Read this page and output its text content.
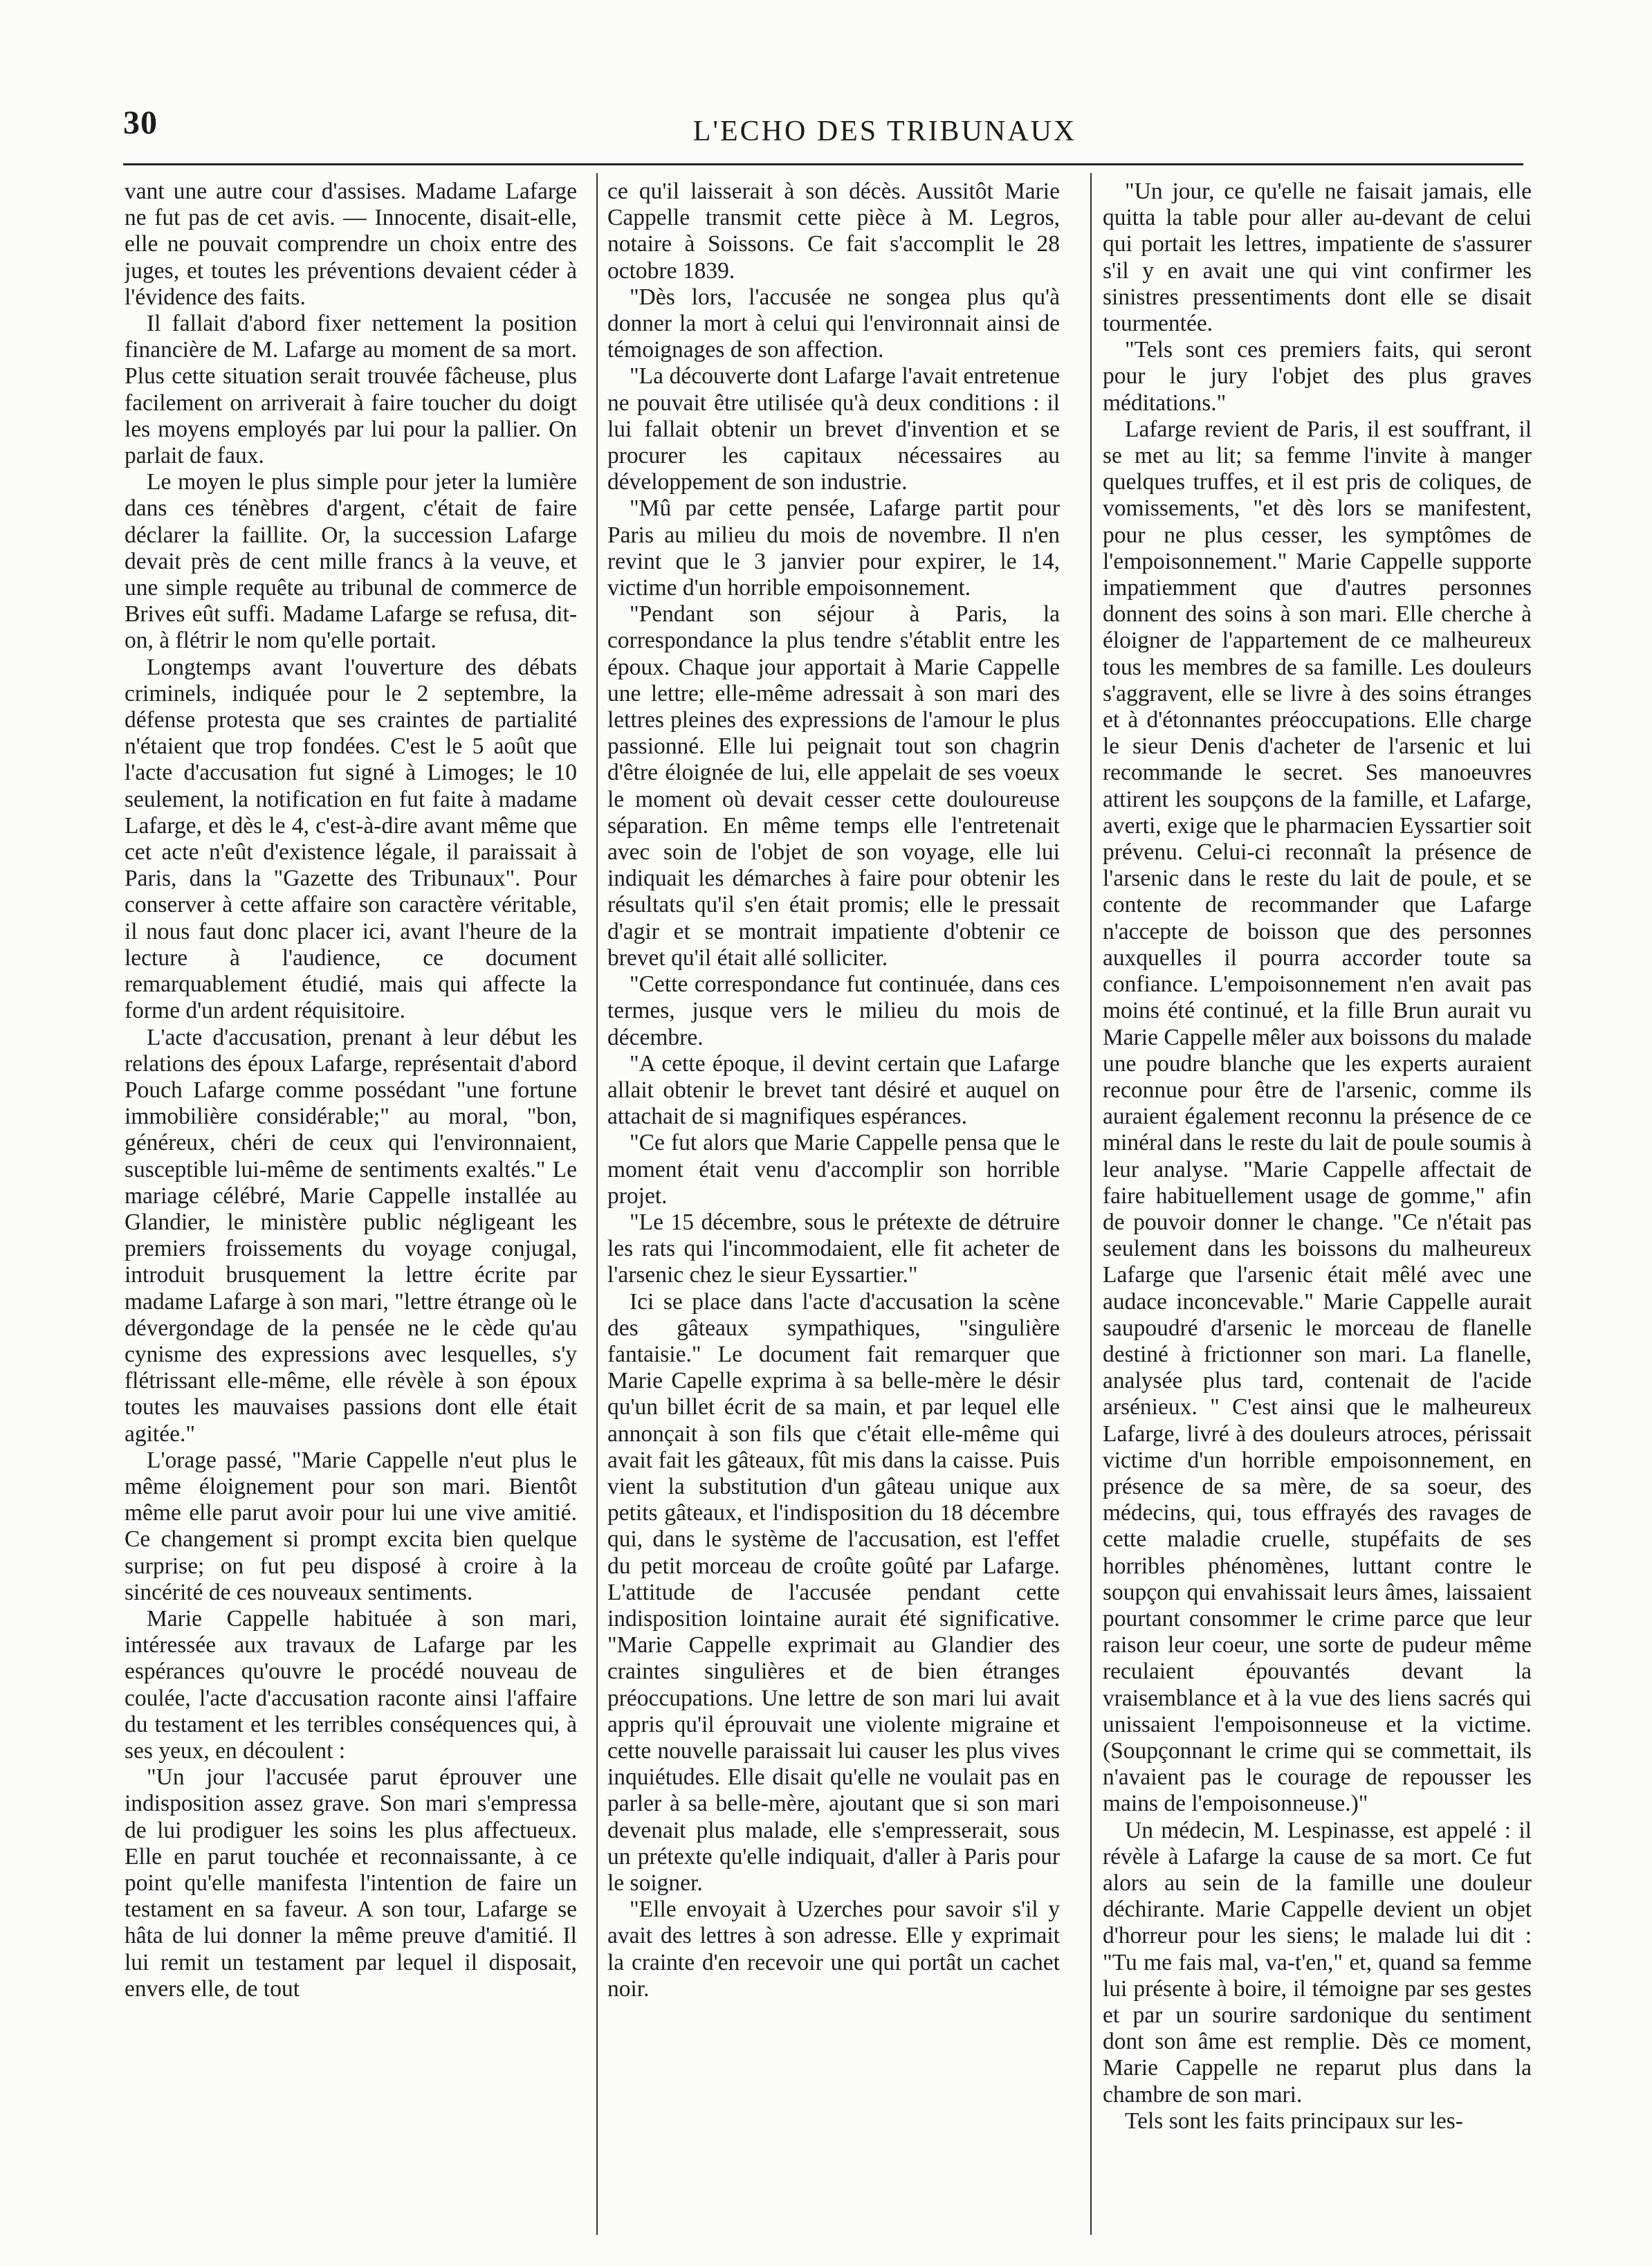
30	L'ECHO DES TRIBUNAUX

vant une autre cour d'assises. Madame Lafarge ne fut pas de cet avis. — Innocente, disait-elle, elle ne pouvait comprendre un choix entre des juges, et toutes les préventions devaient céder à l'évidence des faits.

Il fallait d'abord fixer nettement la position financière de M. Lafarge au moment de sa mort. Plus cette situation serait trouvée fâcheuse, plus facilement on arriverait à faire toucher du doigt les moyens employés par lui pour la pallier. On parlait de faux.

Le moyen le plus simple pour jeter la lumière dans ces ténèbres d'argent, c'était de faire déclarer la faillite. Or, la succession Lafarge devait près de cent mille francs à la veuve, et une simple requête au tribunal de commerce de Brives eût suffi. Madame Lafarge se refusa, dit-on, à flétrir le nom qu'elle portait.

Longtemps avant l'ouverture des débats criminels, indiquée pour le 2 septembre, la défense protesta que ses craintes de partialité n'étaient que trop fondées. C'est le 5 août que l'acte d'accusation fut signé à Limoges; le 10 seulement, la notification en fut faite à madame Lafarge, et dès le 4, c'est-à-dire avant même que cet acte n'eût d'existence légale, il paraissait à Paris, dans la "Gazette des Tribunaux". Pour conserver à cette affaire son caractère véritable, il nous faut donc placer ici, avant l'heure de la lecture à l'audience, ce document remarquablement étudié, mais qui affecte la forme d'un ardent réquisitoire.

L'acte d'accusation, prenant à leur début les relations des époux Lafarge, représentait d'abord Pouch Lafarge comme possédant "une fortune immobilière considérable;" au moral, "bon, généreux, chéri de ceux qui l'environnaient, susceptible lui-même de sentiments exaltés." Le mariage célébré, Marie Cappelle installée au Glandier, le ministère public négligeant les premiers froissements du voyage conjugal, introduit brusquement la lettre écrite par madame Lafarge à son mari, "lettre étrange où le dévergondage de la pensée ne le cède qu'au cynisme des expressions avec lesquelles, s'y flétrissant elle-même, elle révèle à son époux toutes les mauvaises passions dont elle était agitée."

L'orage passé, "Marie Cappelle n'eut plus le même éloignement pour son mari. Bientôt même elle parut avoir pour lui une vive amitié. Ce changement si prompt excita bien quelque surprise; on fut peu disposé à croire à la sincérité de ces nouveaux sentiments.

Marie Cappelle habituée à son mari, intéressée aux travaux de Lafarge par les espérances qu'ouvre le procédé nouveau de coulée, l'acte d'accusation raconte ainsi l'affaire du testament et les terribles conséquences qui, à ses yeux, en découlent :

"Un jour l'accusée parut éprouver une indisposition assez grave. Son mari s'empressa de lui prodiguer les soins les plus affectueux. Elle en parut touchée et reconnaissante, à ce point qu'elle manifesta l'intention de faire un testament en sa faveur. A son tour, Lafarge se hâta de lui donner la même preuve d'amitié. Il lui remit un testament par lequel il disposait, envers elle, de tout

ce qu'il laisserait à son décès. Aussitôt Marie Cappelle transmit cette pièce à M. Legros, notaire à Soissons. Ce fait s'accomplit le 28 octobre 1839.

"Dès lors, l'accusée ne songea plus qu'à donner la mort à celui qui l'environnait ainsi de témoignages de son affection.

"La découverte dont Lafarge l'avait entretenue ne pouvait être utilisée qu'à deux conditions : il lui fallait obtenir un brevet d'invention et se procurer les capitaux nécessaires au développement de son industrie.

"Mû par cette pensée, Lafarge partit pour Paris au milieu du mois de novembre. Il n'en revint que le 3 janvier pour expirer, le 14, victime d'un horrible empoisonnement.

"Pendant son séjour à Paris, la correspondance la plus tendre s'établit entre les époux. Chaque jour apportait à Marie Cappelle une lettre; elle-même adressait à son mari des lettres pleines des expressions de l'amour le plus passionné. Elle lui peignait tout son chagrin d'être éloignée de lui, elle appelait de ses voeux le moment où devait cesser cette douloureuse séparation. En même temps elle l'entretenait avec soin de l'objet de son voyage, elle lui indiquait les démarches à faire pour obtenir les résultats qu'il s'en était promis; elle le pressait d'agir et se montrait impatiente d'obtenir ce brevet qu'il était allé solliciter.

"Cette correspondance fut continuée, dans ces termes, jusque vers le milieu du mois de décembre.

"A cette époque, il devint certain que Lafarge allait obtenir le brevet tant désiré et auquel on attachait de si magnifiques espérances.

"Ce fut alors que Marie Cappelle pensa que le moment était venu d'accomplir son horrible projet.

"Le 15 décembre, sous le prétexte de détruire les rats qui l'incommodaient, elle fit acheter de l'arsenic chez le sieur Eyssartier."

Ici se place dans l'acte d'accusation la scène des gâteaux sympathiques, "singulière fantaisie." Le document fait remarquer que Marie Capelle exprima à sa belle-mère le désir qu'un billet écrit de sa main, et par lequel elle annonçait à son fils que c'était elle-même qui avait fait les gâteaux, fût mis dans la caisse. Puis vient la substitution d'un gâteau unique aux petits gâteaux, et l'indisposition du 18 décembre qui, dans le système de l'accusation, est l'effet du petit morceau de croûte goûté par Lafarge. L'attitude de l'accusée pendant cette indisposition lointaine aurait été significative. "Marie Cappelle exprimait au Glandier des craintes singulières et de bien étranges préoccupations. Une lettre de son mari lui avait appris qu'il éprouvait une violente migraine et cette nouvelle paraissait lui causer les plus vives inquiétudes. Elle disait qu'elle ne voulait pas en parler à sa belle-mère, ajoutant que si son mari devenait plus malade, elle s'empresserait, sous un prétexte qu'elle indiquait, d'aller à Paris pour le soigner.

"Elle envoyait à Uzerches pour savoir s'il y avait des lettres à son adresse. Elle y exprimait la crainte d'en recevoir une qui portât un cachet noir.

"Un jour, ce qu'elle ne faisait jamais, elle quitta la table pour aller au-devant de celui qui portait les lettres, impatiente de s'assurer s'il y en avait une qui vint confirmer les sinistres pressentiments dont elle se disait tourmentée.

"Tels sont ces premiers faits, qui seront pour le jury l'objet des plus graves méditations."

Lafarge revient de Paris, il est souffrant, il se met au lit; sa femme l'invite à manger quelques truffes, et il est pris de coliques, de vomissements, "et dès lors se manifestent, pour ne plus cesser, les symptômes de l'empoisonnement." Marie Cappelle supporte impatiemment que d'autres personnes donnent des soins à son mari. Elle cherche à éloigner de l'appartement de ce malheureux tous les membres de sa famille. Les douleurs s'aggravent, elle se livre à des soins étranges et à d'étonnantes préoccupations. Elle charge le sieur Denis d'acheter de l'arsenic et lui recommande le secret. Ses manoeuvres attirent les soupçons de la famille, et Lafarge, averti, exige que le pharmacien Eyssartier soit prévenu. Celui-ci reconnaît la présence de l'arsenic dans le reste du lait de poule, et se contente de recommander que Lafarge n'accepte de boisson que des personnes auxquelles il pourra accorder toute sa confiance. L'empoisonnement n'en avait pas moins été continué, et la fille Brun aurait vu Marie Cappelle mêler aux boissons du malade une poudre blanche que les experts auraient reconnue pour être de l'arsenic, comme ils auraient également reconnu la présence de ce minéral dans le reste du lait de poule soumis à leur analyse. "Marie Cappelle affectait de faire habituellement usage de gomme," afin de pouvoir donner le change. "Ce n'était pas seulement dans les boissons du malheureux Lafarge que l'arsenic était mêlé avec une audace inconcevable." Marie Cappelle aurait saupoudré d'arsenic le morceau de flanelle destiné à frictionner son mari. La flanelle, analysée plus tard, contenait de l'acide arsénieux. " C'est ainsi que le malheureux Lafarge, livré à des douleurs atroces, périssait victime d'un horrible empoisonnement, en présence de sa mère, de sa soeur, des médecins, qui, tous effrayés des ravages de cette maladie cruelle, stupéfaits de ses horribles phénomènes, luttant contre le soupçon qui envahissait leurs âmes, laissaient pourtant consommer le crime parce que leur raison leur coeur, une sorte de pudeur même reculaient épouvantés devant la vraisemblance et à la vue des liens sacrés qui unissaient l'empoisonneuse et la victime. (Soupçonnant le crime qui se commettait, ils n'avaient pas le courage de repousser les mains de l'empoisonneuse.)"

Un médecin, M. Lespinasse, est appelé : il révèle à Lafarge la cause de sa mort. Ce fut alors au sein de la famille une douleur déchirante. Marie Cappelle devient un objet d'horreur pour les siens; le malade lui dit : "Tu me fais mal, va-t'en," et, quand sa femme lui présente à boire, il témoigne par ses gestes et par un sourire sardonique du sentiment dont son âme est remplie. Dès ce moment, Marie Cappelle ne reparut plus dans la chambre de son mari.

Tels sont les faits principaux sur les-
